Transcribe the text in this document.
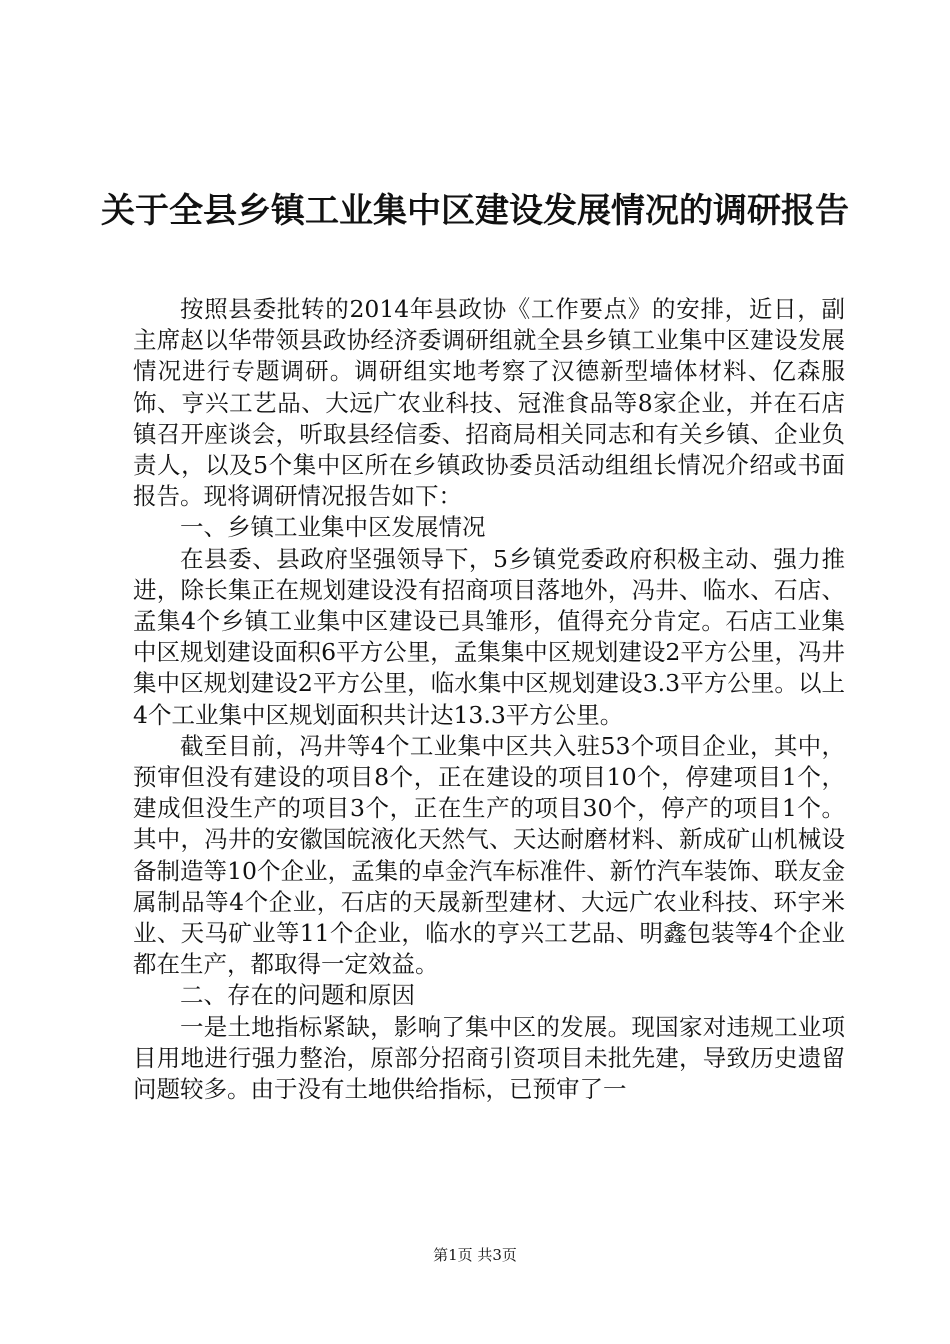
关于全县乡镇工业集中区建设发展情况的调研报告

按照县委批转的2014年县政协《工作要点》的安排，近日，副主席赵以华带领县政协经济委调研组就全县乡镇工业集中区建设发展情况进行专题调研。调研组实地考察了汉德新型墙体材料、亿森服饰、亨兴工艺品、大远广农业科技、冠淮食品等8家企业，并在石店镇召开座谈会，听取县经信委、招商局相关同志和有关乡镇、企业负责人，以及5个集中区所在乡镇政协委员活动组组长情况介绍或书面报告。现将调研情况报告如下：

一、乡镇工业集中区发展情况

在县委、县政府坚强领导下，5乡镇党委政府积极主动、强力推进，除长集正在规划建设没有招商项目落地外，冯井、临水、石店、孟集4个乡镇工业集中区建设已具雏形，值得充分肯定。石店工业集中区规划建设面积6平方公里，孟集集中区规划建设2平方公里，冯井集中区规划建设2平方公里，临水集中区规划建设3.3平方公里。以上4个工业集中区规划面积共计达13.3平方公里。

截至目前，冯井等4个工业集中区共入驻53个项目企业，其中，预审但没有建设的项目8个，正在建设的项目10个，停建项目1个，建成但没生产的项目3个，正在生产的项目30个，停产的项目1个。其中，冯井的安徽国皖液化天然气、天达耐磨材料、新成矿山机械设备制造等10个企业，孟集的卓金汽车标准件、新竹汽车装饰、联友金属制品等4个企业，石店的天晟新型建材、大远广农业科技、环宇米业、天马矿业等11个企业，临水的亨兴工艺品、明鑫包装等4个企业都在生产，都取得一定效益。

二、存在的问题和原因

一是土地指标紧缺，影响了集中区的发展。现国家对违规工业项目用地进行强力整治，原部分招商引资项目未批先建，导致历史遗留问题较多。由于没有土地供给指标，已预审了一

第1页 共3页
